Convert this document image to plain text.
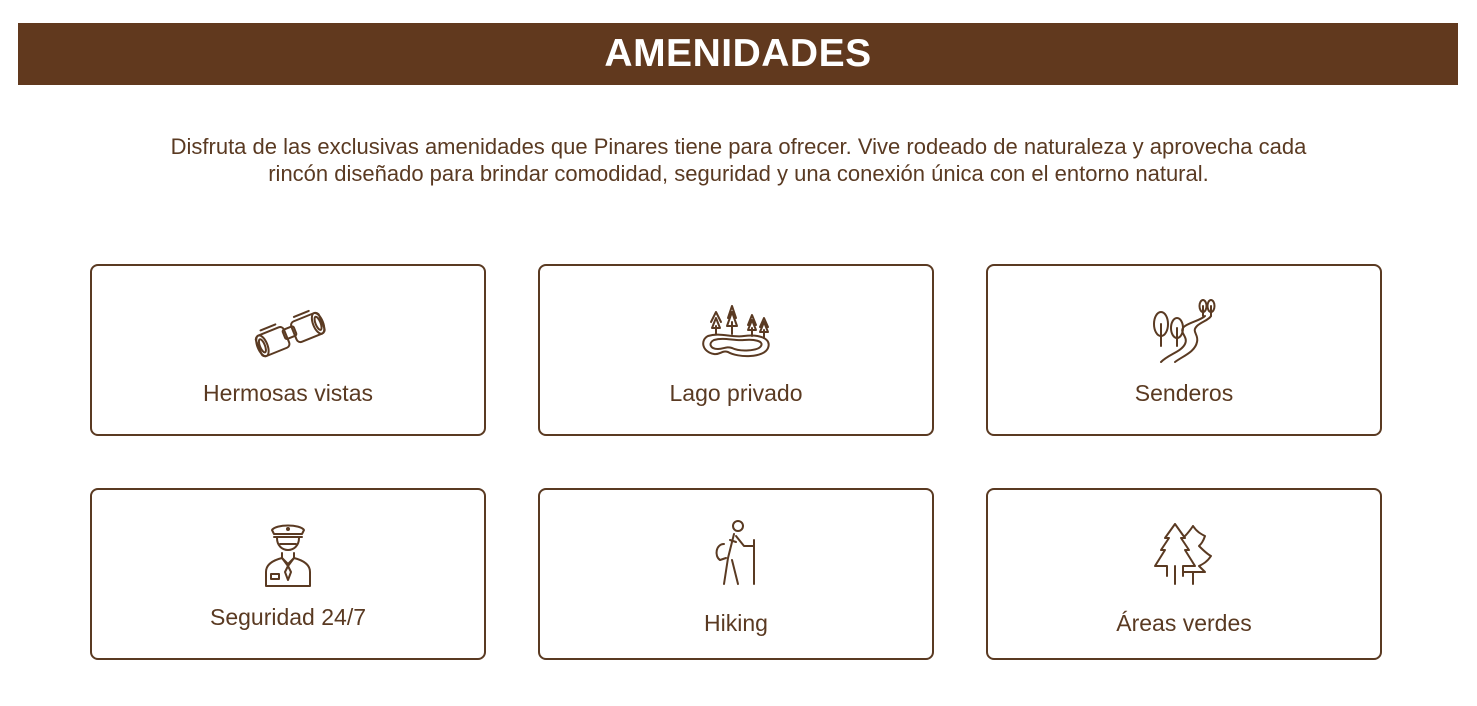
AMENIDADES

Disfruta de las exclusivas amenidades que Pinares tiene para ofrecer. Vive rodeado de naturaleza y aprovecha cada rincón diseñado para brindar comodidad, seguridad y una conexión única con el entorno natural.

Hermosas vistas	Lago privado	Senderos
Seguridad 24/7	Hiking	Áreas verdes
